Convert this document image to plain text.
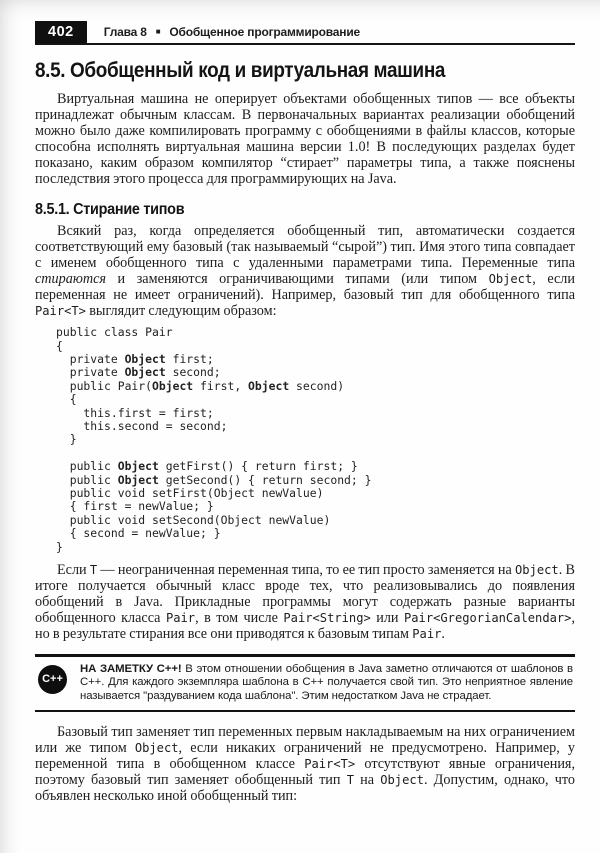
402	Глава 8 ■ Обобщенное программирование
8.5. Обобщенный код и виртуальная машина

Виртуальная машина не оперирует объектами обобщенных типов — все объекты принадлежат обычным классам. В первоначальных вариантах реализации обобщений можно было даже компилировать программу с обобщениями в файлы классов, которые способна исполнять виртуальная машина версии 1.0! В последующих разделах будет показано, каким образом компилятор “стирает” параметры типа, а также пояснены последствия этого процесса для программирующих на Java.

8.5.1. Стирание типов

Всякий раз, когда определяется обобщенный тип, автоматически создается соответствующий ему базовый (так называемый “сырой”) тип. Имя этого типа совпадает с именем обобщенного типа с удаленными параметрами типа. Переменные типа стираются и заменяются ограничивающими типами (или типом Object, если переменная не имеет ограничений). Например, базовый тип для обобщенного типа Pair<T> выглядит следующим образом:

public class Pair
{
private Object first;
private Object second;
public Pair(Object first, Object second)
{
this.first = first;
this.second = second;
}

public Object getFirst() { return first; }
public Object getSecond() { return second; }
public void setFirst(Object newValue)
{ first = newValue; }
public void setSecond(Object newValue)
{ second = newValue; }
}

Если T — неограниченная переменная типа, то ее тип просто заменяется на Object. В итоге получается обычный класс вроде тех, что реализовывались до появления обобщений в Java. Прикладные программы могут содержать разные варианты обобщенного класса Pair, в том числе Pair<String> или Pair<GregorianCalendar>, но в результате стирания все они приводятся к базовым типам Pair.

C++
НА ЗАМЕТКУ C++! В этом отношении обобщения в Java заметно отличаются от шаблонов в C++. Для каждого экземпляра шаблона в C++ получается свой тип. Это неприятное явление называется "раздуванием кода шаблона". Этим недостатком Java не страдает.

Базовый тип заменяет тип переменных первым накладываемым на них ограничением или же типом Object, если никаких ограничений не предусмотрено. Например, у переменной типа в обобщенном классе Pair<T> отсутствуют явные ограничения, поэтому базовый тип заменяет обобщенный тип T на Object. Допустим, однако, что объявлен несколько иной обобщенный тип:
